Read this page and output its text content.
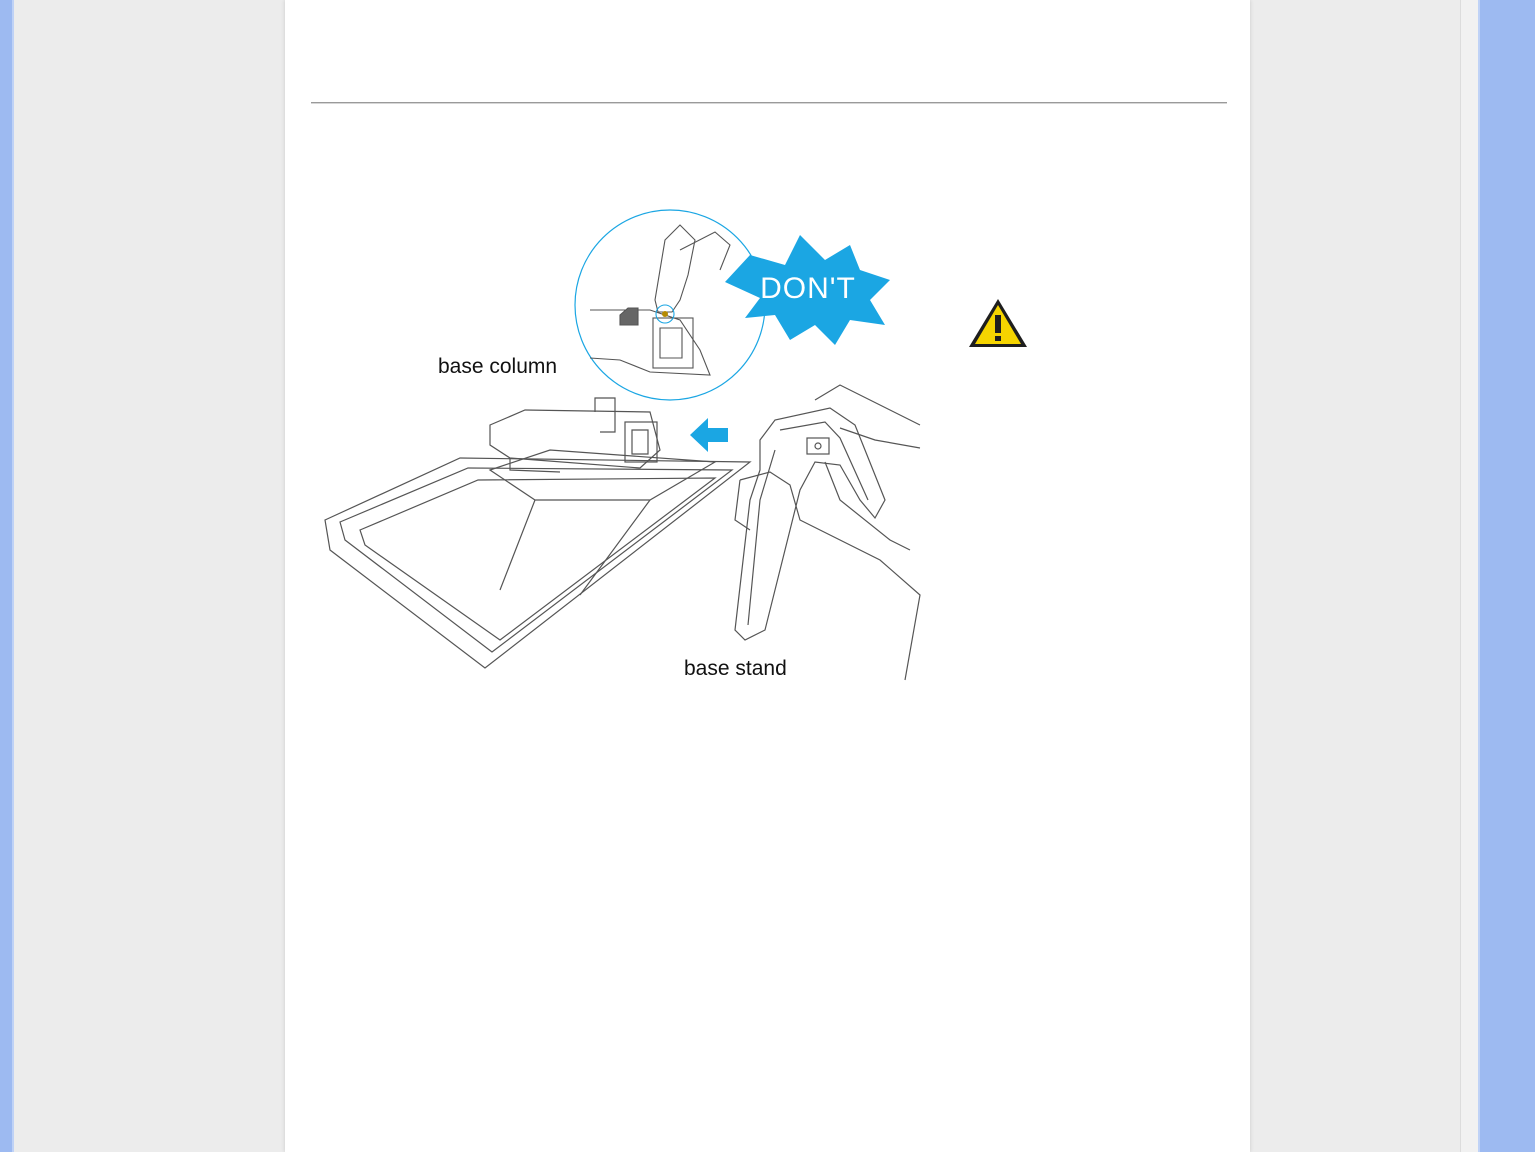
DON'T
base column
base stand
